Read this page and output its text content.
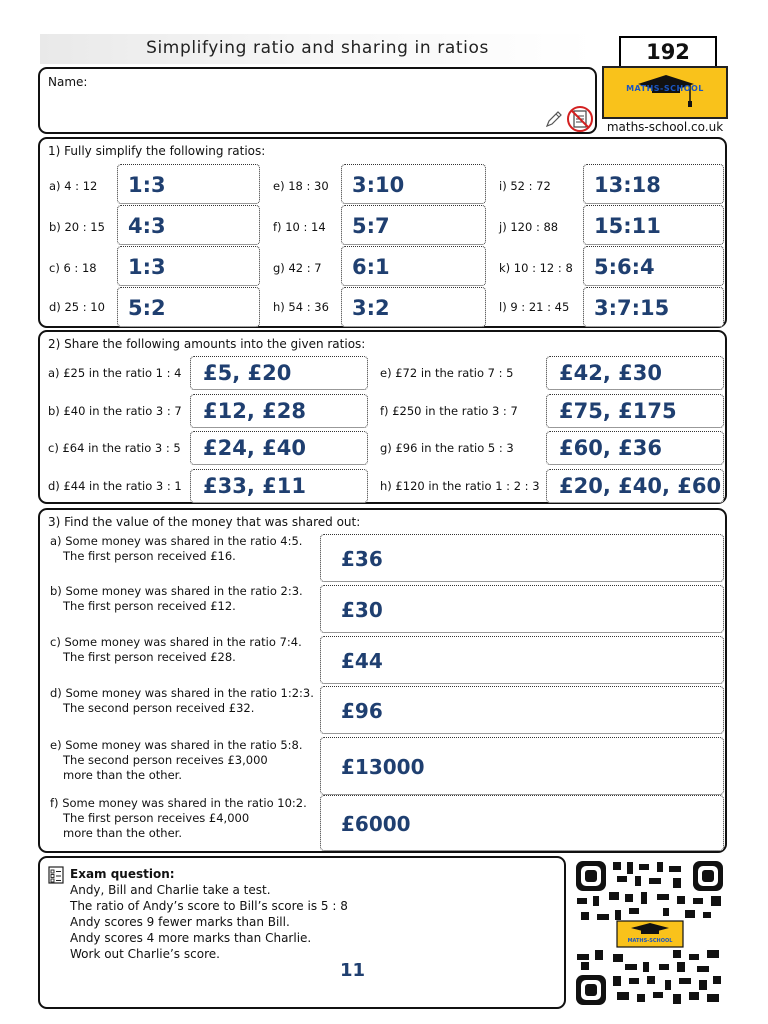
Simplifying ratio and sharing in ratios	192
MATHS-SCHOOL
maths-school.co.uk
Name:
1) Fully simplify the following ratios:
a) 4 : 12	1:3
b) 20 : 15	4:3
c) 6 : 18	1:3
d) 25 : 10	5:2
e) 18 : 30	3:10
f) 10 : 14	5:7
g) 42 : 7	6:1
h) 54 : 36	3:2
i) 52 : 72	13:18
j) 120 : 88	15:11
k) 10 : 12 : 8	5:6:4
l) 9 : 21 : 45	3:7:15
2) Share the following amounts into the given ratios:
a) £25 in the ratio 1 : 4	£5, £20
b) £40 in the ratio 3 : 7	£12, £28
c) £64 in the ratio 3 : 5	£24, £40
d) £44 in the ratio 3 : 1	£33, £11
e) £72 in the ratio 7 : 5	£42, £30
f) £250 in the ratio 3 : 7	£75, £175
g) £96 in the ratio 5 : 3	£60, £36
h) £120 in the ratio 1 : 2 : 3 £20, £40, £60
3) Find the value of the money that was shared out:
a) Some money was shared in the ratio 4:5.
The first person received £16.	£36
b) Some money was shared in the ratio 2:3.
The first person received £12.	£30
c) Some money was shared in the ratio 7:4.
The first person received £28.	£44
d) Some money was shared in the ratio 1:2:3.
The second person received £32.	£96
e) Some money was shared in the ratio 5:8.
The second person receives £3,000
more than the other.	£13000
f) Some money was shared in the ratio 10:2.
The first person receives £4,000
more than the other.	£6000
Exam question:
Andy, Bill and Charlie take a test.
The ratio of Andy’s score to Bill’s score is 5 : 8
Andy scores 9 fewer marks than Bill.
Andy scores 4 more marks than Charlie.
Work out Charlie’s score.
11
MATHS-SCHOOL
